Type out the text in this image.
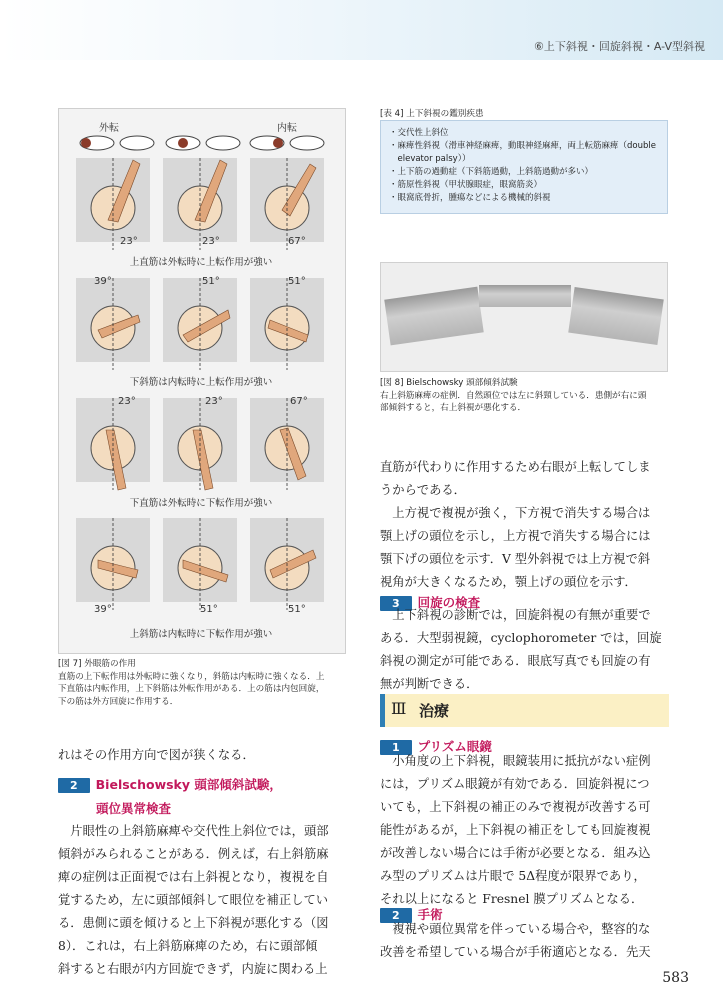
⑥上下斜視・回旋斜視・A-V型斜視
外転	内転
23°	23°	67°
39°	51°	51°
23°	23°	67°
39°	51°	51°
上直筋は外転時に上転作用が強い
下斜筋は内転時に上転作用が強い
下直筋は外転時に下転作用が強い
上斜筋は内転時に下転作用が強い
[図 7] 外眼筋の作用
直筋の上下転作用は外転時に強くなり，斜筋は内転時に強くなる．上
下直筋は内転作用，上下斜筋は外転作用がある．上の筋は内包回旋，
下の筋は外方回旋に作用する．
[表 4] 上下斜視の鑑別疾患
・交代性上斜位
・麻痺性斜視（滑車神経麻痺，動眼神経麻痺，両上転筋麻痺（double
　elevator palsy））
・上下筋の過動症（下斜筋過動，上斜筋過動が多い）
・筋原性斜視（甲状腺眼症，眼窩筋炎）
・眼窩底骨折，腫瘍などによる機械的斜視
[図 8] Bielschowsky 頭部傾斜試験
右上斜筋麻痺の症例．自然頭位では左に斜頸している．患側が右に頭
部傾斜すると，右上斜視が悪化する．
れはその作用方向で図が狭くなる．
2 Bielschowsky 頭部傾斜試験，
頭位異常検査
　片眼性の上斜筋麻痺や交代性上斜位では，頭部
傾斜がみられることがある．例えば，右上斜筋麻
痺の症例は正面視では右上斜視となり，複視を自
覚するため，左に頭部傾斜して眼位を補正してい
る．患側に頭を傾けると上下斜視が悪化する（図
8）．これは，右上斜筋麻痺のため，右に頭部傾
斜すると右眼が内方回旋できず，内旋に関わる上
直筋が代わりに作用するため右眼が上転してしま
うからである．
　上方視で複視が強く，下方視で消失する場合は
顎上げの頭位を示し，上方視で消失する場合には
顎下げの頭位を示す．V 型外斜視では上方視で斜
視角が大きくなるため，顎上げの頭位を示す．
3 回旋の検査
　上下斜視の診断では，回旋斜視の有無が重要で
ある．大型弱視鏡，cyclophorometer では，回旋
斜視の測定が可能である．眼底写真でも回旋の有
無が判断できる．
Ⅲ 治療
1 プリズム眼鏡
　小角度の上下斜視，眼鏡装用に抵抗がない症例
には，プリズム眼鏡が有効である．回旋斜視につ
いても，上下斜視の補正のみで複視が改善する可
能性があるが，上下斜視の補正をしても回旋複視
が改善しない場合には手術が必要となる．組み込
み型のプリズムは片眼で 5Δ程度が限界であり，
それ以上になると Fresnel 膜プリズムとなる．
2 手術
　複視や頭位異常を伴っている場合や，整容的な
改善を希望している場合が手術適応となる．先天
583
